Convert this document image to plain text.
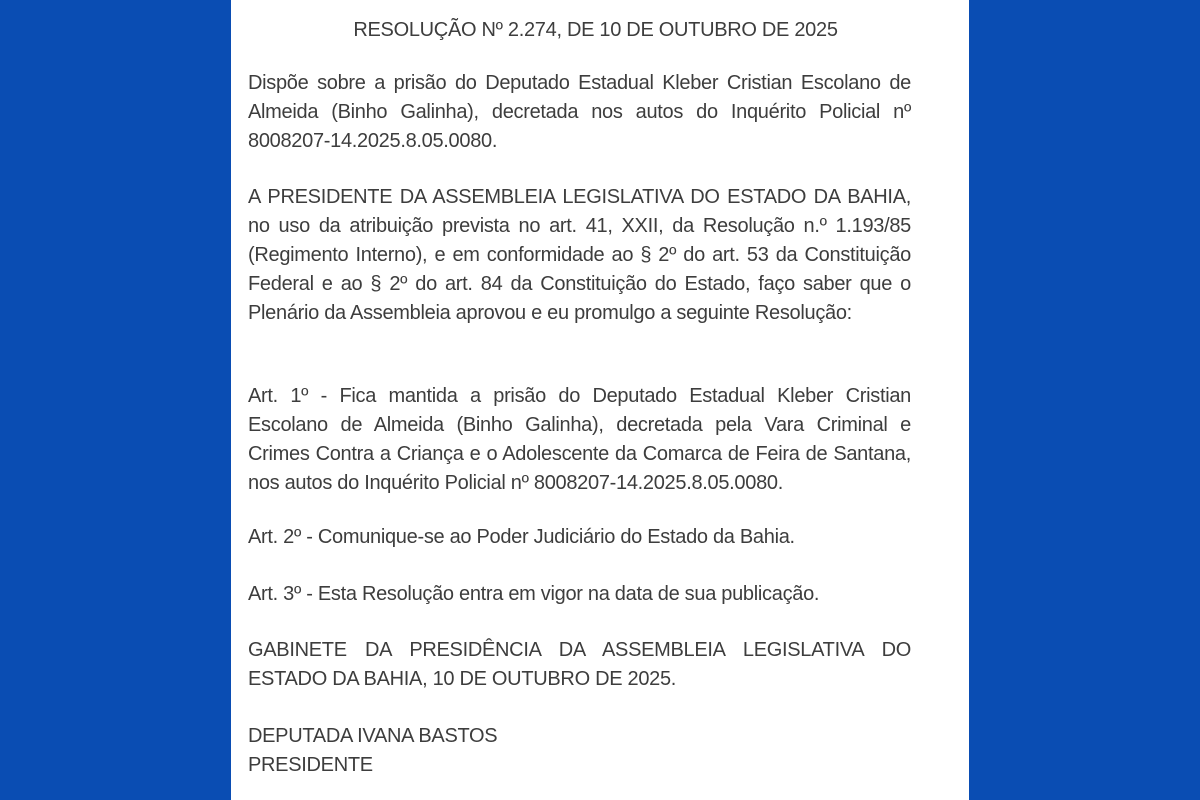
RESOLUÇÃO Nº 2.274, DE 10 DE OUTUBRO DE 2025

Dispõe sobre a prisão do Deputado Estadual Kleber Cristian Escolano de Almeida (Binho Galinha), decretada nos autos do Inquérito Policial nº 8008207-14.2025.8.05.0080.

A PRESIDENTE DA ASSEMBLEIA LEGISLATIVA DO ESTADO DA BAHIA, no uso da atribuição prevista no art. 41, XXII, da Resolução n.º 1.193/85 (Regimento Interno), e em conformidade ao § 2º do art. 53 da Constituição Federal e ao § 2º do art. 84 da Constituição do Estado, faço saber que o Plenário da Assembleia aprovou e eu promulgo a seguinte Resolução:

Art. 1º - Fica mantida a prisão do Deputado Estadual Kleber Cristian Escolano de Almeida (Binho Galinha), decretada pela Vara Criminal e Crimes Contra a Criança e o Adolescente da Comarca de Feira de Santana, nos autos do Inquérito Policial nº 8008207-14.2025.8.05.0080.

Art. 2º - Comunique-se ao Poder Judiciário do Estado da Bahia.

Art. 3º - Esta Resolução entra em vigor na data de sua publicação.

GABINETE DA PRESIDÊNCIA DA ASSEMBLEIA LEGISLATIVA DO ESTADO DA BAHIA, 10 DE OUTUBRO DE 2025.

DEPUTADA IVANA BASTOS
PRESIDENTE
